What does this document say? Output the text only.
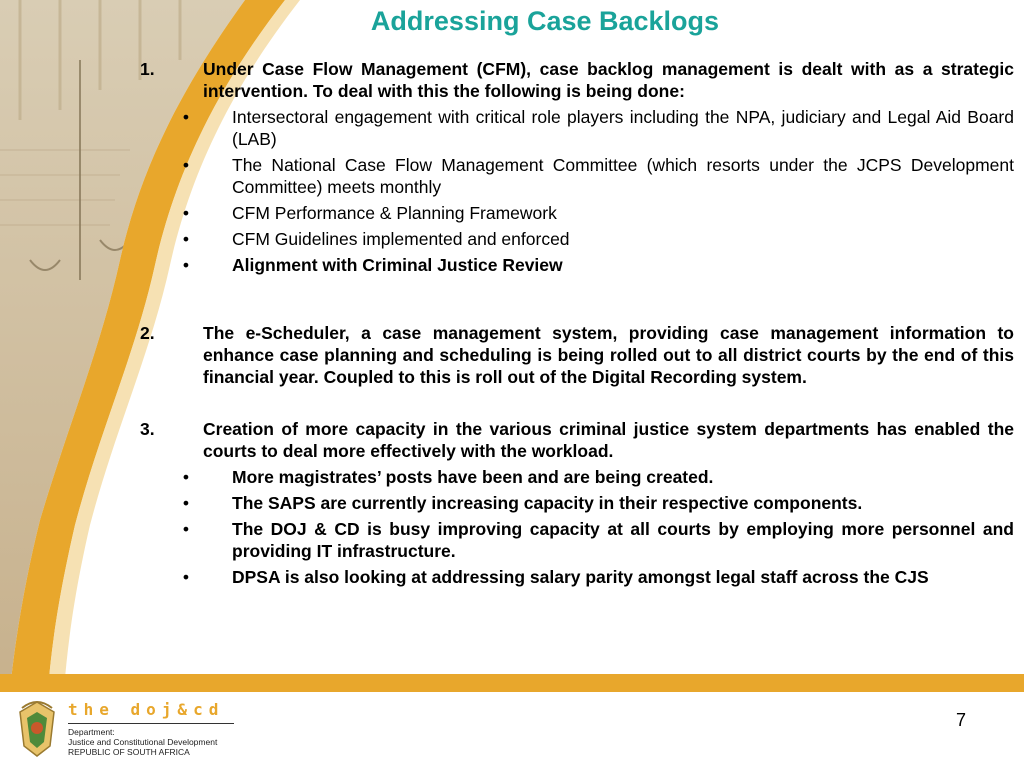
Addressing Case Backlogs
1.	Under Case Flow Management (CFM), case backlog management is dealt with as a strategic intervention. To deal with this the following is being done:
•	Intersectoral engagement with critical role players including the NPA, judiciary and Legal Aid Board (LAB)
•	The National Case Flow Management Committee (which resorts under the JCPS Development Committee) meets monthly
•	CFM Performance & Planning Framework
•	CFM Guidelines implemented and enforced
•	Alignment with Criminal Justice Review
2.	The e-Scheduler, a case management system, providing case management information to enhance case planning and scheduling is being rolled out to all district courts by the end of this financial year. Coupled to this is roll out of the Digital Recording system.
3.	Creation of more capacity in the various criminal justice system departments has enabled the courts to deal more effectively with the workload.
•	More magistrates’ posts have been and are being created.
•	The SAPS are currently increasing capacity in their respective components.
•	The DOJ & CD is busy improving capacity at all courts by employing more personnel and providing IT infrastructure.
•	DPSA is also looking at addressing salary parity amongst legal staff across the CJS
the doj&cd
Department:
Justice and Constitutional Development
REPUBLIC OF SOUTH AFRICA
7
